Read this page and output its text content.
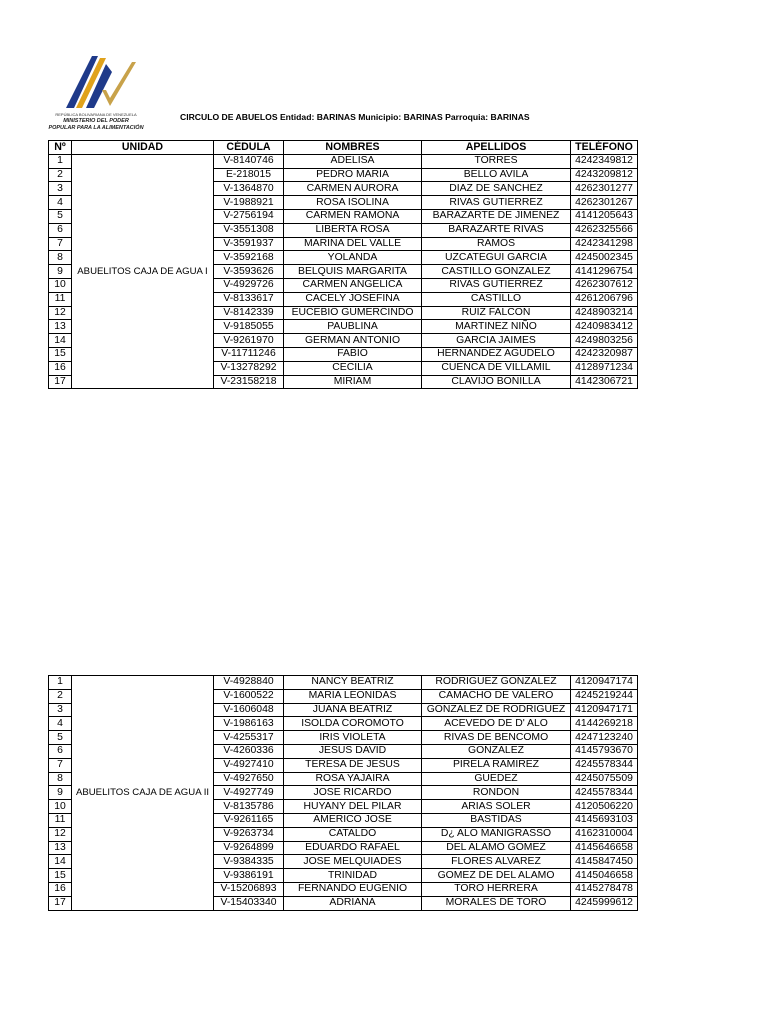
REPÚBLICA BOLIVARIANA DE VENEZUELA
MINISTERIO DEL PODER
POPULAR PARA LA ALIMENTACIÓN
CIRCULO DE ABUELOS Entidad: BARINAS Municipio: BARINAS Parroquia: BARINAS
Nº	UNIDAD	CÉDULA	NOMBRES	APELLIDOS	TELÉFONO
1	ABUELITOS CAJA DE AGUA I	V-8140746	ADELISA	TORRES	4242349812
2		E-218015	PEDRO MARIA	BELLO AVILA	4243209812
3		V-1364870	CARMEN AURORA	DIAZ DE SANCHEZ	4262301277
4		V-1988921	ROSA ISOLINA	RIVAS GUTIERREZ	4262301267
5		V-2756194	CARMEN RAMONA	BARAZARTE DE JIMENEZ	4141205643
6		V-3551308	LIBERTA ROSA	BARAZARTE RIVAS	4262325566
7		V-3591937	MARINA DEL VALLE	RAMOS	4242341298
8		V-3592168	YOLANDA	UZCATEGUI GARCIA	4245002345
9		V-3593626	BELQUIS MARGARITA	CASTILLO GONZALEZ	4141296754
10		V-4929726	CARMEN ANGELICA	RIVAS GUTIERREZ	4262307612
11		V-8133617	CACELY JOSEFINA	CASTILLO	4261206796
12		V-8142339	EUCEBIO GUMERCINDO	RUIZ FALCON	4248903214
13		V-9185055	PAUBLINA	MARTINEZ NIÑO	4240983412
14		V-9261970	GERMAN ANTONIO	GARCIA JAIMES	4249803256
15		V-11711246	FABIO	HERNANDEZ AGUDELO	4242320987
16		V-13278292	CECILIA	CUENCA DE VILLAMIL	4128971234
17		V-23158218	MIRIAM	CLAVIJO BONILLA	4142306721
1	ABUELITOS CAJA DE AGUA II	V-4928840	NANCY BEATRIZ	RODRIGUEZ GONZALEZ	4120947174
2		V-1600522	MARIA LEONIDAS	CAMACHO DE VALERO	4245219244
3		V-1606048	JUANA BEATRIZ	GONZALEZ DE RODRIGUEZ	4120947171
4		V-1986163	ISOLDA COROMOTO	ACEVEDO DE D' ALO	4144269218
5		V-4255317	IRIS VIOLETA	RIVAS DE BENCOMO	4247123240
6		V-4260336	JESUS DAVID	GONZALEZ	4145793670
7		V-4927410	TERESA DE JESUS	PIRELA RAMIREZ	4245578344
8		V-4927650	ROSA YAJAIRA	GUEDEZ	4245075509
9		V-4927749	JOSE RICARDO	RONDON	4245578344
10		V-8135786	HUYANY DEL PILAR	ARIAS SOLER	4120506220
11		V-9261165	AMERICO JOSE	BASTIDAS	4145693103
12		V-9263734	CATALDO	D¿ ALO MANIGRASSO	4162310004
13		V-9264899	EDUARDO RAFAEL	DEL ALAMO GOMEZ	4145646658
14		V-9384335	JOSE MELQUIADES	FLORES ALVAREZ	4145847450
15		V-9386191	TRINIDAD	GOMEZ DE DEL ALAMO	4145046658
16		V-15206893	FERNANDO EUGENIO	TORO HERRERA	4145278478
17		V-15403340	ADRIANA	MORALES DE TORO	4245999612
